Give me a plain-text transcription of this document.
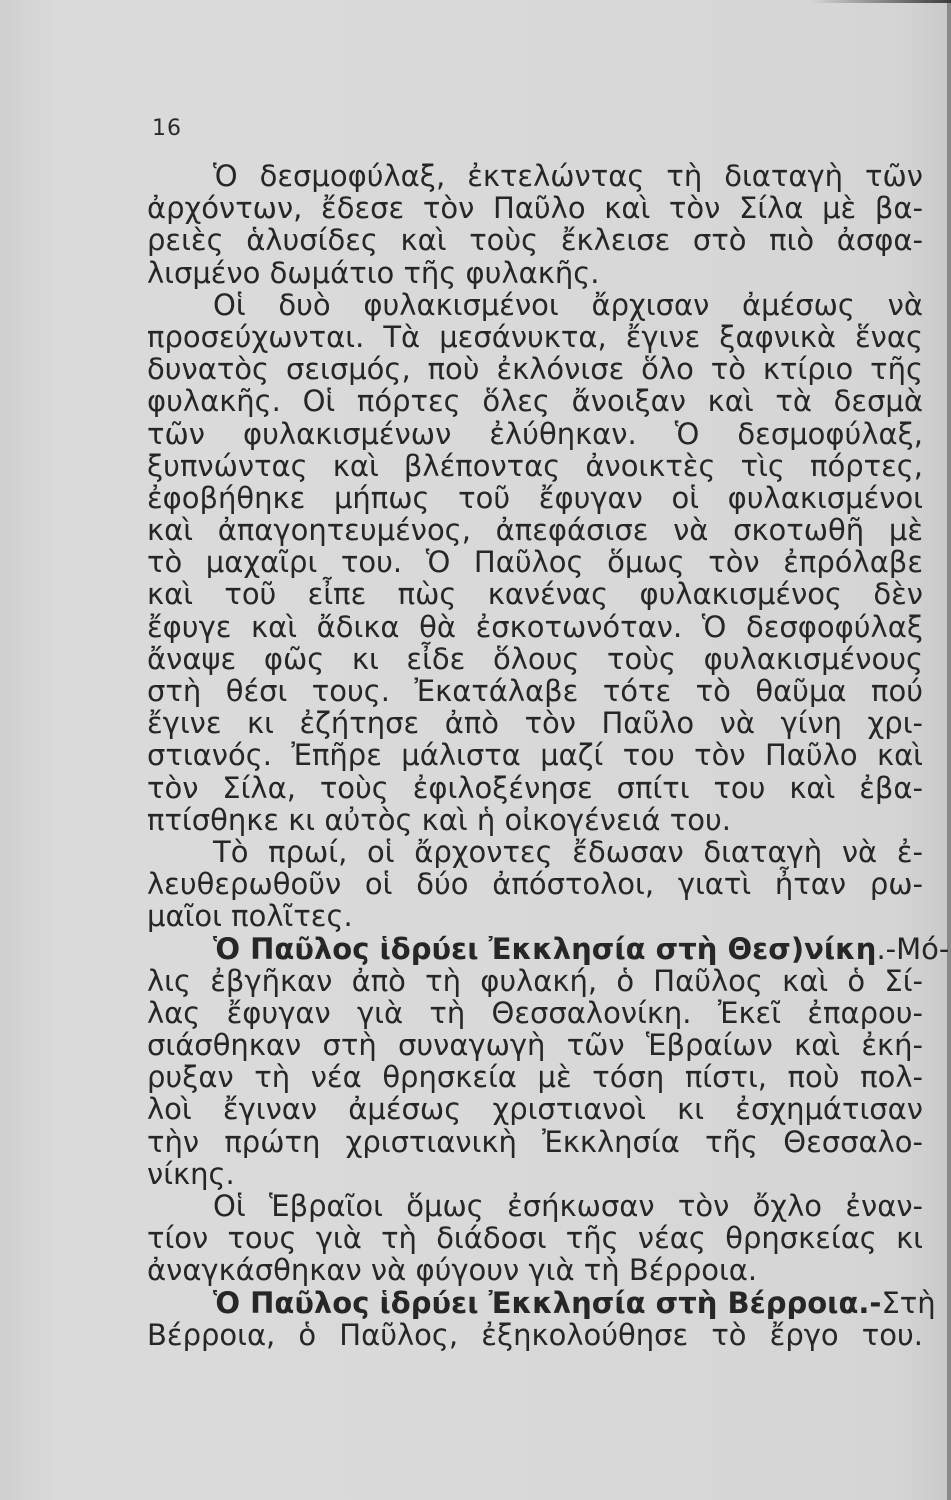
16
Ὁ δεσμοφύλαξ, ἐκτελώντας τὴ διαταγὴ τῶν
ἀρχόντων, ἔδεσε τὸν Παῦλο καὶ τὸν Σίλα μὲ βα-
ρειὲς ἁλυσίδες καὶ τοὺς ἔκλεισε στὸ πιὸ ἀσφα-
λισμένο δωμάτιο τῆς φυλακῆς.
Οἱ δυὸ φυλακισμένοι ἄρχισαν ἀμέσως νὰ
προσεύχωνται. Τὰ μεσάνυκτα, ἔγινε ξαφνικὰ ἕνας
δυνατὸς σεισμός, ποὺ ἐκλόνισε ὅλο τὸ κτίριο τῆς
φυλακῆς. Οἱ πόρτες ὅλες ἄνοιξαν καὶ τὰ δεσμὰ
τῶν φυλακισμένων ἐλύθηκαν. Ὁ δεσμοφύλαξ,
ξυπνώντας καὶ βλέποντας ἀνοικτὲς τὶς πόρτες,
ἐφοβήθηκε μήπως τοῦ ἔφυγαν οἱ φυλακισμένοι
καὶ ἀπαγοητευμένος, ἀπεφάσισε νὰ σκοτωθῆ μὲ
τὸ μαχαῖρι του. Ὁ Παῦλος ὅμως τὸν ἐπρόλαβε
καὶ τοῦ εἶπε πὼς κανένας φυλακισμένος δὲν
ἔφυγε καὶ ἄδικα θὰ ἐσκοτωνόταν. Ὁ δεσφοφύλαξ
ἄναψε φῶς κι εἶδε ὅλους τοὺς φυλακισμένους
στὴ θέσι τους. Ἐκατάλαβε τότε τὸ θαῦμα πού
ἔγινε κι ἐζήτησε ἀπὸ τὸν Παῦλο νὰ γίνη χρι-
στιανός. Ἐπῆρε μάλιστα μαζί του τὸν Παῦλο καὶ
τὸν Σίλα, τοὺς ἐφιλοξένησε σπίτι του καὶ ἐβα-
πτίσθηκε κι αὐτὸς καὶ ἡ οἰκογένειά του.
Τὸ πρωί, οἱ ἄρχοντες ἔδωσαν διαταγὴ νὰ ἐ-
λευθερωθοῦν οἱ δύο ἀπόστολοι, γιατὶ ἦταν ρω-
μαῖοι πολῖτες.
Ὁ Παῦλος ἱδρύει Ἐκκλησία στὴ Θεσ)νίκη.-Μό-
λις ἐβγῆκαν ἀπὸ τὴ φυλακή, ὁ Παῦλος καὶ ὁ Σί-
λας ἔφυγαν γιὰ τὴ Θεσσαλονίκη. Ἐκεῖ ἐπαρου-
σιάσθηκαν στὴ συναγωγὴ τῶν Ἑβραίων καὶ ἐκή-
ρυξαν τὴ νέα θρησκεία μὲ τόση πίστι, ποὺ πολ-
λοὶ ἔγιναν ἀμέσως χριστιανοὶ κι ἐσχημάτισαν
τὴν πρώτη χριστιανικὴ Ἐκκλησία τῆς Θεσσαλο-
νίκης.
Οἱ Ἑβραῖοι ὅμως ἐσήκωσαν τὸν ὄχλο ἐναν-
τίον τους γιὰ τὴ διάδοσι τῆς νέας θρησκείας κι
ἀναγκάσθηκαν νὰ φύγουν γιὰ τὴ Βέρροια.
Ὁ Παῦλος ἱδρύει Ἐκκλησία στὴ Βέρροια.-Στὴ
Βέρροια, ὁ Παῦλος, ἐξηκολούθησε τὸ ἔργο του.
